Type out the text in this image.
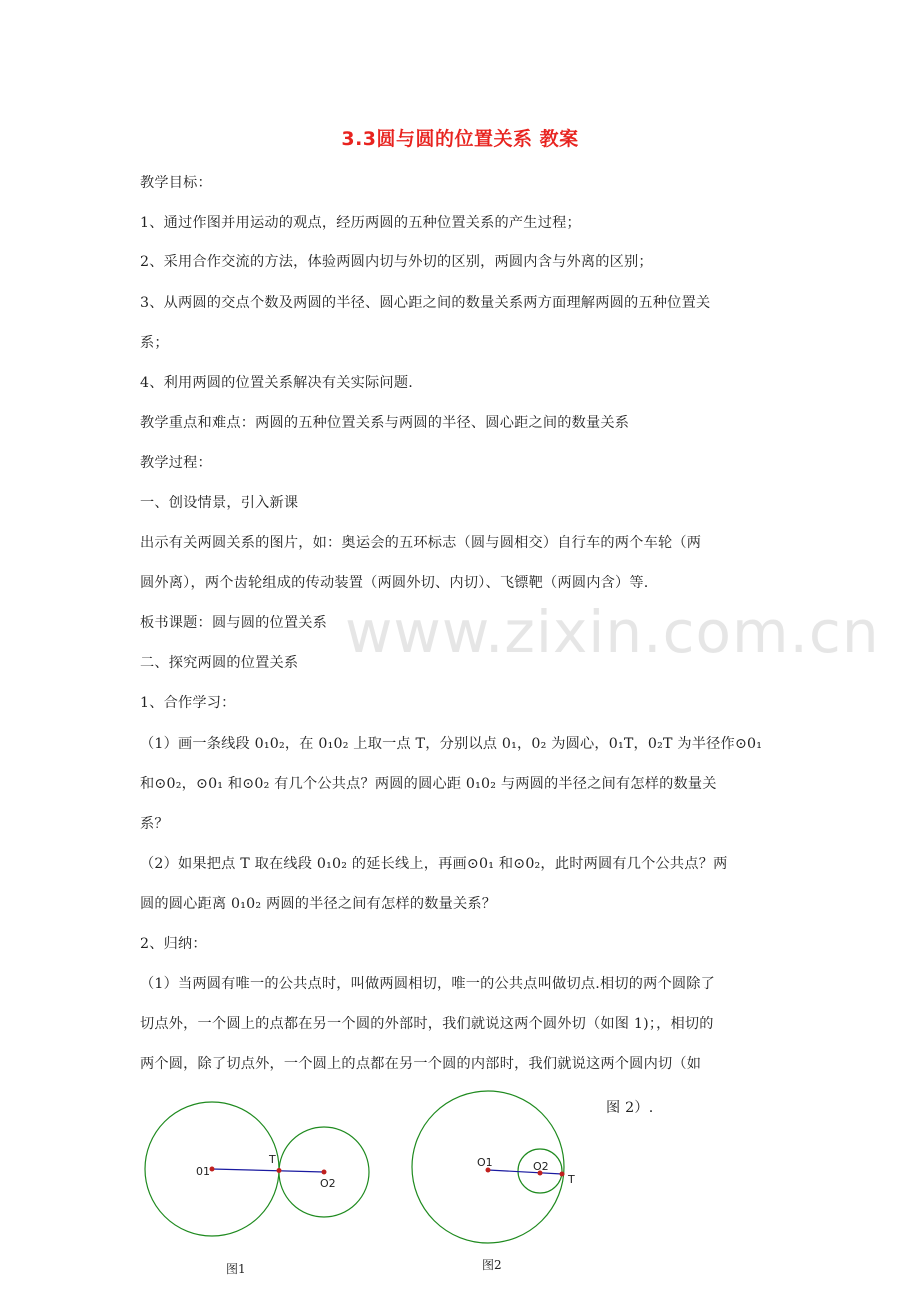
3.3圆与圆的位置关系 教案
www.zixin.com.cn
教学目标：
1、通过作图并用运动的观点，经历两圆的五种位置关系的产生过程；
2、采用合作交流的方法，体验两圆内切与外切的区别，两圆内含与外离的区别；
3、从两圆的交点个数及两圆的半径、圆心距之间的数量关系两方面理解两圆的五种位置关
系；
4、利用两圆的位置关系解决有关实际问题.
教学重点和难点：两圆的五种位置关系与两圆的半径、圆心距之间的数量关系
教学过程：
一、创设情景，引入新课
出示有关两圆关系的图片，如：奥运会的五环标志（圆与圆相交）自行车的两个车轮（两
圆外离），两个齿轮组成的传动装置（两圆外切、内切）、飞镖靶（两圆内含）等.
板书课题：圆与圆的位置关系
二、探究两圆的位置关系
1、合作学习：
（1）画一条线段 0₁0₂，在 0₁0₂ 上取一点 T，分别以点 0₁，0₂ 为圆心，0₁T，0₂T 为半径作⊙0₁
和⊙0₂，⊙0₁ 和⊙0₂ 有几个公共点？两圆的圆心距 0₁0₂ 与两圆的半径之间有怎样的数量关
系？
（2）如果把点 T 取在线段 0₁0₂ 的延长线上，再画⊙0₁ 和⊙0₂，此时两圆有几个公共点？两
圆的圆心距离 0₁0₂ 两圆的半径之间有怎样的数量关系？
2、归纳：
（1）当两圆有唯一的公共点时，叫做两圆相切，唯一的公共点叫做切点.相切的两个圆除了
切点外，一个圆上的点都在另一个圆的外部时，我们就说这两个圆外切（如图 1)；，相切的
两个圆，除了切点外，一个圆上的点都在另一个圆的内部时，我们就说这两个圆内切（如
图 2）.
01
T
O2
图1
O1	O2
T
图2
